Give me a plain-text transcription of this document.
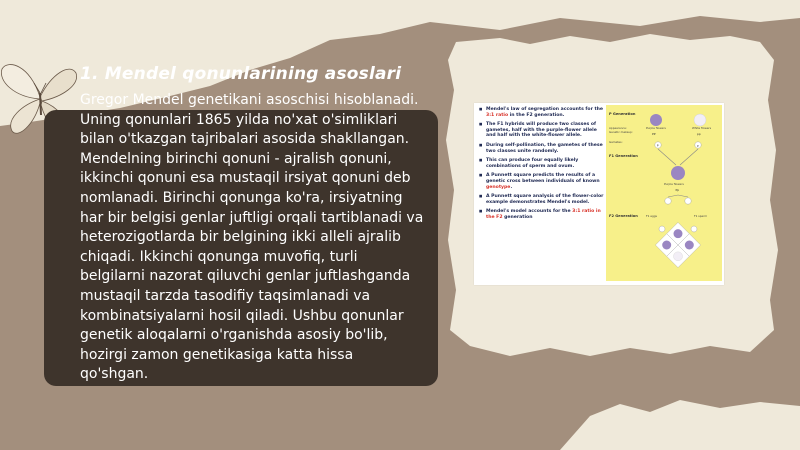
1. Mendel qonunlarining asoslari

Gregor Mendel genetikani asoschisi hisoblanadi. Uning qonunlari 1865 yilda no'xat o'simliklari bilan o'tkazgan tajribalari asosida shakllangan. Mendelning birinchi qonuni - ajralish qonuni, ikkinchi qonuni esa mustaqil irsiyat qonuni deb nomlanadi. Birinchi qonunga ko'ra, irsiyatning har bir belgisi genlar juftligi orqali tartiblanadi va heterozigotlarda bir belgining ikki alleli ajralib chiqadi. Ikkinchi qonunga muvofiq, turli belgilarni nazorat qiluvchi genlar juftlashganda mustaqil tarzda tasodifiy taqsimlanadi va kombinatsiyalarni hosil qiladi. Ushbu qonunlar genetik aloqalarni o'rganishda asosiy bo'lib, hozirgi zamon genetikasiga katta hissa qo'shgan.

■ Mendel's law of segregation accounts for the 3:1 ratio in the F2 generation.
■ The F1 hybrids will produce two classes of gametes, half with the purple-flower allele and half with the white-flower allele.
■ During self-pollination, the gametes of these two classes unite randomly.
■ This can produce four equally likely combinations of sperm and ovum.
■ A Punnett square predicts the results of a genetic cross between individuals of known genotype.
■ A Punnett square analysis of the flower-color example demonstrates Mendel's model.
■ Mendel's model accounts for the 3:1 ratio in the F2 generation
P Generation
F1 Generation
F2 Generation
Appearance:
Genetic makeup:
Gametes:
Purple flowers	White flowers
Purple flowers
F1 eggs	F1 sperm
PP	pp
P	p
Pp
